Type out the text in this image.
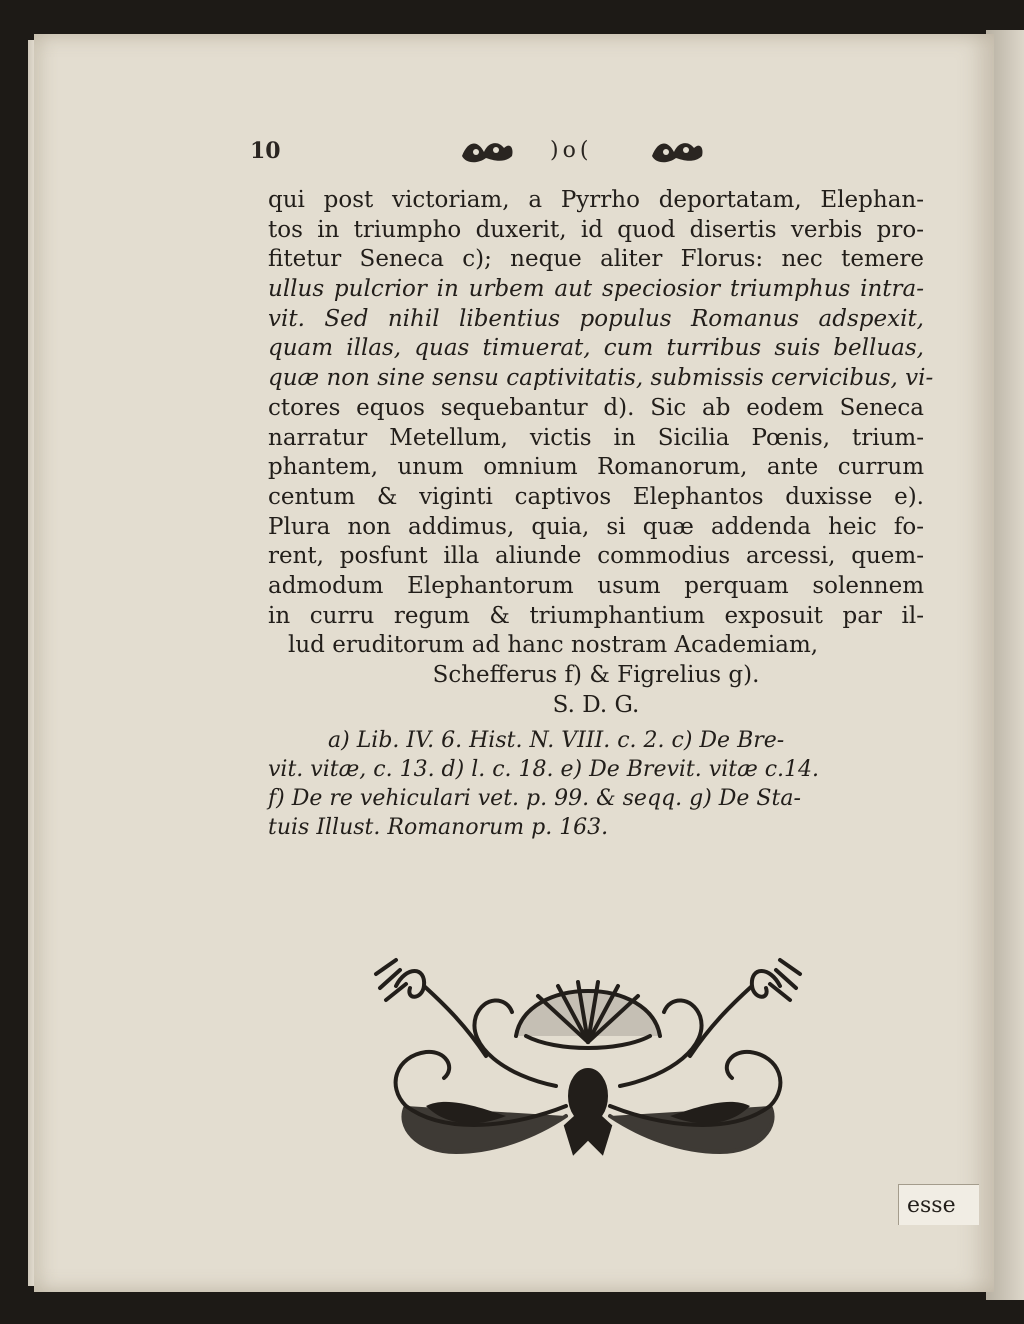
10	)o(
qui post victoriam, a Pyrrho deportatam, Elephan-
tos in triumpho duxerit, id quod disertis verbis pro-
fitetur Seneca c); neque aliter Florus: nec temere
ullus pulcrior in urbem aut speciosior triumphus intra-
vit. Sed nihil libentius populus Romanus adspexit,
quam illas, quas timuerat, cum turribus suis belluas,
quæ non sine sensu captivitatis, submissis cervicibus, vi-
ctores equos sequebantur d). Sic ab eodem Seneca
narratur Metellum, victis in Sicilia Pœnis, trium-
phantem, unum omnium Romanorum, ante currum
centum & viginti captivos Elephantos duxisse e).
Plura non addimus, quia, si quæ addenda heic fo-
rent, posfunt illa aliunde commodius arcessi, quem-
admodum Elephantorum usum perquam solennem
in curru regum & triumphantium exposuit par il-
lud eruditorum ad hanc nostram Academiam,
Schefferus f) & Figrelius g).
S. D. G.
a) Lib. IV. 6. Hist. N. VIII. c. 2. c) De Bre-
vit. vitæ, c. 13. d) l. c. 18. e) De Brevit. vitæ c.14.
f) De re vehiculari vet. p. 99. & seqq. g) De Sta-
tuis Illust. Romanorum p. 163.
esse
